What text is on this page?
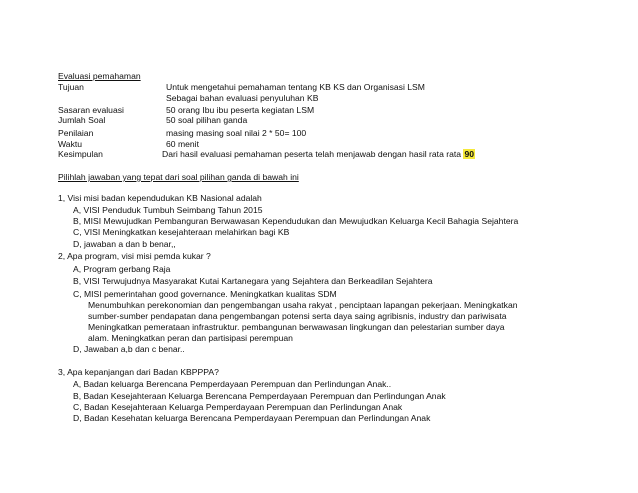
Evaluasi pemahaman
Tujuan	Untuk mengetahui pemahaman tentang KB KS dan Organisasi LSM
Sebagai bahan evaluasi penyuluhan KB
Sasaran evaluasi	50 orang Ibu ibu peserta kegiatan LSM
Jumlah Soal	50 soal pilihan ganda
Penilaian	masing masing soal nilai 2 * 50= 100
Waktu	60 menit
Kesimpulan	Dari hasil evaluasi pemahaman peserta telah menjawab dengan hasil rata rata 90
Pilihlah jawaban yang tepat dari soal pilihan ganda di bawah ini
1, Visi misi badan kependudukan KB Nasional adalah
A, VISI Penduduk Tumbuh Seimbang Tahun 2015
B, MISI Mewujudkan Pembanguran Berwawasan Kependudukan dan Mewujudkan Keluarga Kecil Bahagia Sejahtera
C, VISI Meningkatkan kesejahteraan melahirkan bagi KB
D, jawaban a dan b benar,,
2, Apa program, visi misi pemda kukar ?
A, Program gerbang Raja
B, VISI Terwujudnya Masyarakat Kutai Kartanegara yang Sejahtera dan Berkeadilan Sejahtera
C, MISI pemerintahan good governance. Meningkatkan kualitas SDM
Menumbuhkan perekonomian dan pengembangan usaha rakyat , penciptaan lapangan pekerjaan. Meningkatkan
sumber-sumber pendapatan dana pengembangan potensi serta daya saing agribisnis, industry dan pariwisata
Meningkatkan pemerataan infrastruktur. pembangunan berwawasan lingkungan dan pelestarian sumber daya
alam. Meningkatkan peran dan partisipasi perempuan
D, Jawaban a,b dan c benar..
3, Apa kepanjangan dari Badan KBPPPA?
A, Badan keluarga Berencana Pemperdayaan Perempuan dan Perlindungan Anak..
B, Badan Kesejahteraan Keluarga Berencana Pemperdayaan Perempuan dan Perlindungan Anak
C, Badan Kesejahteraan Keluarga Pemperdayaan Perempuan dan Perlindungan Anak
D, Badan Kesehatan keluarga Berencana Pemperdayaan Perempuan dan Perlindungan Anak
